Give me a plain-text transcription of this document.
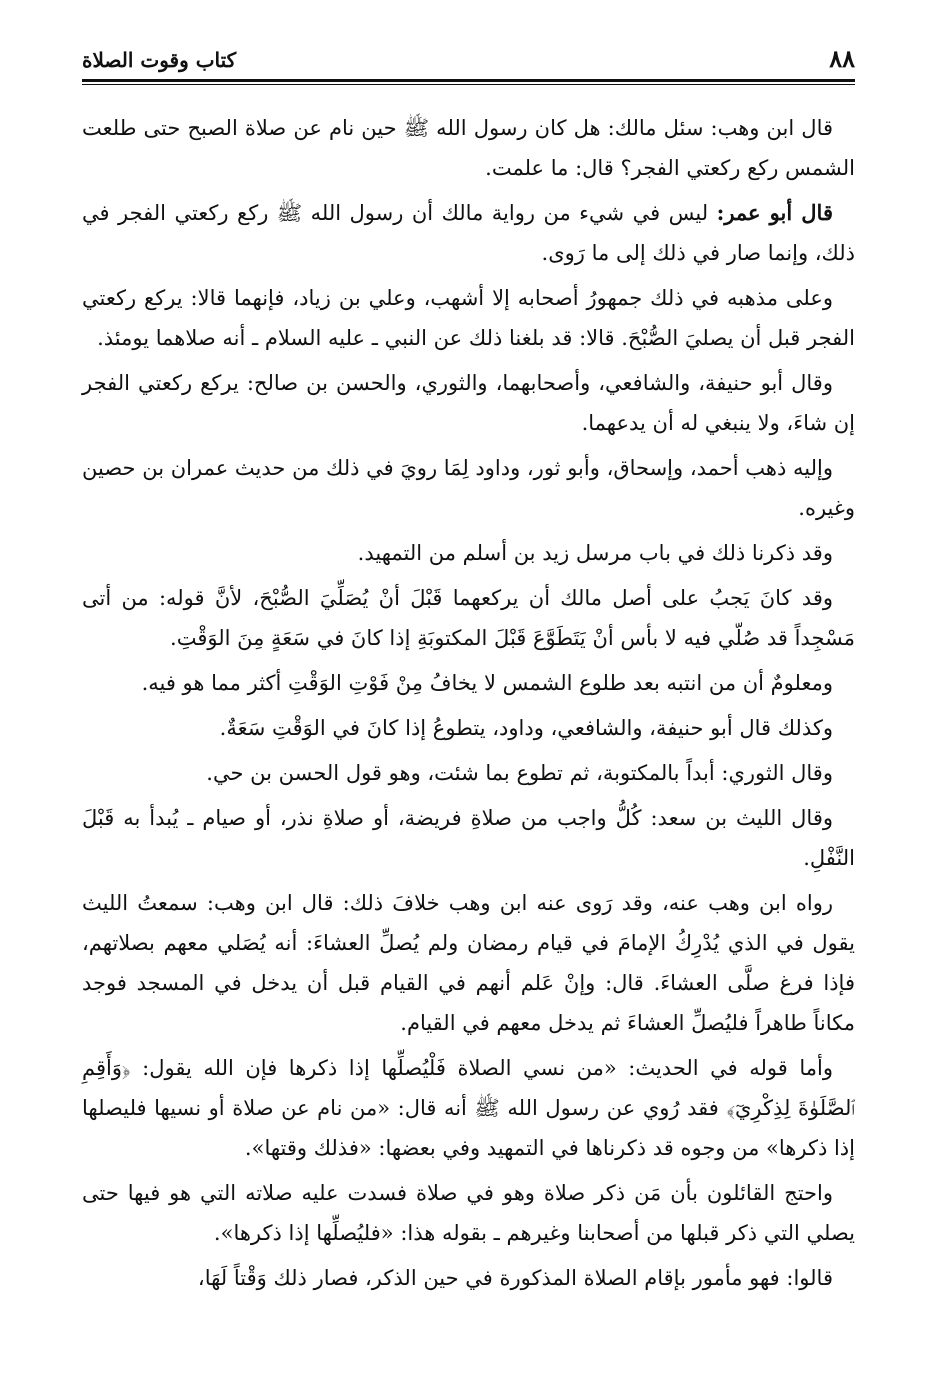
٨٨
كتاب وقوت الصلاة

قال ابن وهب: سئل مالك: هل كان رسول الله ﷺ حين نام عن صلاة الصبح حتى طلعت الشمس ركع ركعتي الفجر؟ قال: ما علمت.

قال أبو عمر: ليس في شيء من رواية مالك أن رسول الله ﷺ ركع ركعتي الفجر في ذلك، وإنما صار في ذلك إلى ما رَوى.

وعلى مذهبه في ذلك جمهورُ أصحابه إلا أشهب، وعلي بن زياد، فإنهما قالا: يركع ركعتي الفجر قبل أن يصليَ الصُّبْحَ. قالا: قد بلغنا ذلك عن النبي ـ عليه السلام ـ أنه صلاهما يومئذ.

وقال أبو حنيفة، والشافعي، وأصحابهما، والثوري، والحسن بن صالح: يركع ركعتي الفجر إن شاءَ، ولا ينبغي له أن يدعهما.

وإليه ذهب أحمد، وإسحاق، وأبو ثور، وداود لِمَا رويَ في ذلك من حديث عمران بن حصين وغيره.

وقد ذكرنا ذلك في باب مرسل زيد بن أسلم من التمهيد.

وقد كانَ يَجبُ على أصل مالك أن يركعهما قَبْلَ أنْ يُصَلِّيَ الصُّبْحَ، لأنَّ قوله: من أتى مَسْجِداً قد صُلّي فيه لا بأس أنْ يَتَطَوَّعَ قَبْلَ المكتوبَةِ إذا كانَ في سَعَةٍ مِنَ الوَقْتِ.

ومعلومٌ أن من انتبه بعد طلوع الشمس لا يخافُ مِنْ فَوْتِ الوَقْتِ أكثر مما هو فيه.

وكذلك قال أبو حنيفة، والشافعي، وداود، يتطوعُ إذا كانَ في الوَقْتِ سَعَةٌ.

وقال الثوري: أبداً بالمكتوبة، ثم تطوع بما شئت، وهو قول الحسن بن حي.

وقال الليث بن سعد: كُلُّ واجب من صلاةِ فريضة، أو صلاةِ نذر، أو صيام ـ يُبدأ به قَبْلَ النَّفْلِ.

رواه ابن وهب عنه، وقد رَوى عنه ابن وهب خلافَ ذلك: قال ابن وهب: سمعتُ الليث يقول في الذي يُدْرِكُ الإمامَ في قيام رمضان ولم يُصلِّ العشاءَ: أنه يُصَلي معهم بصلاتهم، فإذا فرغ صلَّى العشاءَ. قال: وإنْ عَلم أنهم في القيام قبل أن يدخل في المسجد فوجد مكاناً طاهراً فليُصلِّ العشاءَ ثم يدخل معهم في القيام.

وأما قوله في الحديث: «من نسي الصلاة فَلْيُصلِّها إذا ذكرها فإن الله يقول: ﴿وَأَقِمِ ٱلصَّلَوٰةَ لِذِكْرِيٓ﴾ فقد رُوي عن رسول الله ﷺ أنه قال: «من نام عن صلاة أو نسيها فليصلها إذا ذكرها» من وجوه قد ذكرناها في التمهيد وفي بعضها: «فذلك وقتها».

واحتج القائلون بأن مَن ذكر صلاة وهو في صلاة فسدت عليه صلاته التي هو فيها حتى يصلي التي ذكر قبلها من أصحابنا وغيرهم ـ بقوله هذا: «فليُصلِّها إذا ذكرها».

قالوا: فهو مأمور بإقام الصلاة المذكورة في حين الذكر، فصار ذلك وَقْتاً لَهَا،
